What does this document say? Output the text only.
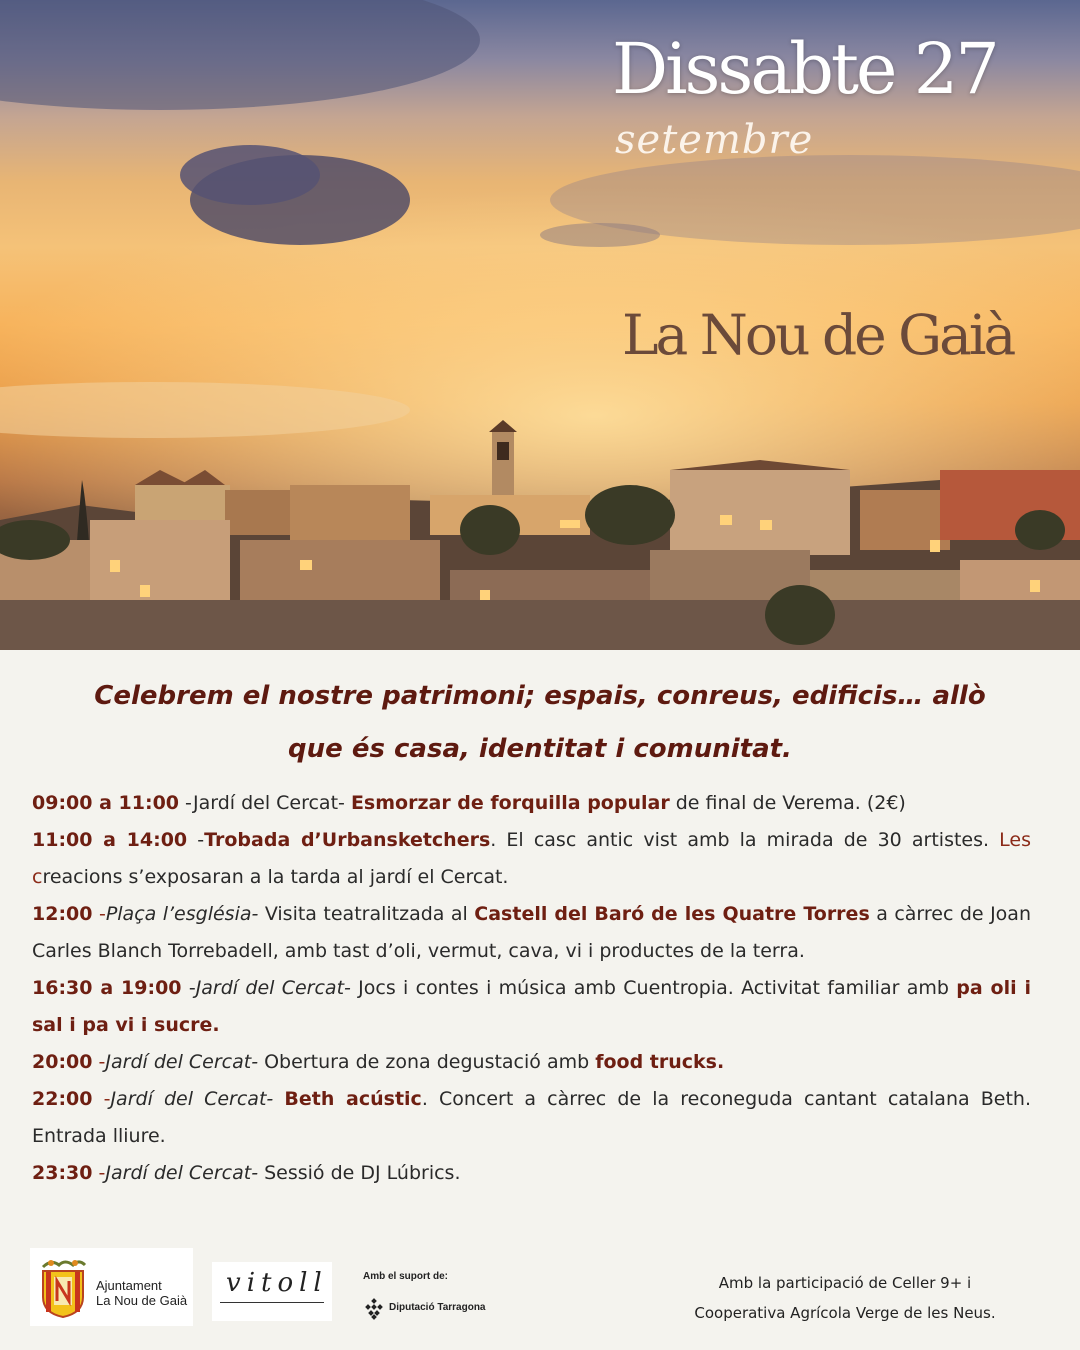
Dissabte 27
setembre
La Nou de Gaià

Celebrem el nostre patrimoni; espais, conreus, edificis… allò
que és casa, identitat i comunitat.

09:00 a 11:00 -Jardí del Cercat- Esmorzar de forquilla popular de final de Verema. (2€)
11:00 a 14:00 -Trobada d’Urbansketchers. El casc antic vist amb la mirada de 30 artistes. Les creacions s’exposaran a la tarda al jardí el Cercat.
12:00 -Plaça l’església- Visita teatralitzada al Castell del Baró de les Quatre Torres a càrrec de Joan Carles Blanch Torrebadell, amb tast d’oli, vermut, cava, vi i productes de la terra.
16:30 a 19:00 -Jardí del Cercat- Jocs i contes i música amb Cuentropia. Activitat familiar amb pa oli i sal i pa vi i sucre.
20:00 -Jardí del Cercat- Obertura de zona degustació amb food trucks.
22:00 -Jardí del Cercat- Beth acústic. Concert a càrrec de la reconeguda cantant catalana Beth. Entrada lliure.
23:30 -Jardí del Cercat- Sessió de DJ Lúbrics.
Ajuntament
La Nou de Gaià
vitoll	Amb el suport de:
Diputació Tarragona
Amb la participació de Celler 9+ i
Cooperativa Agrícola Verge de les Neus.
